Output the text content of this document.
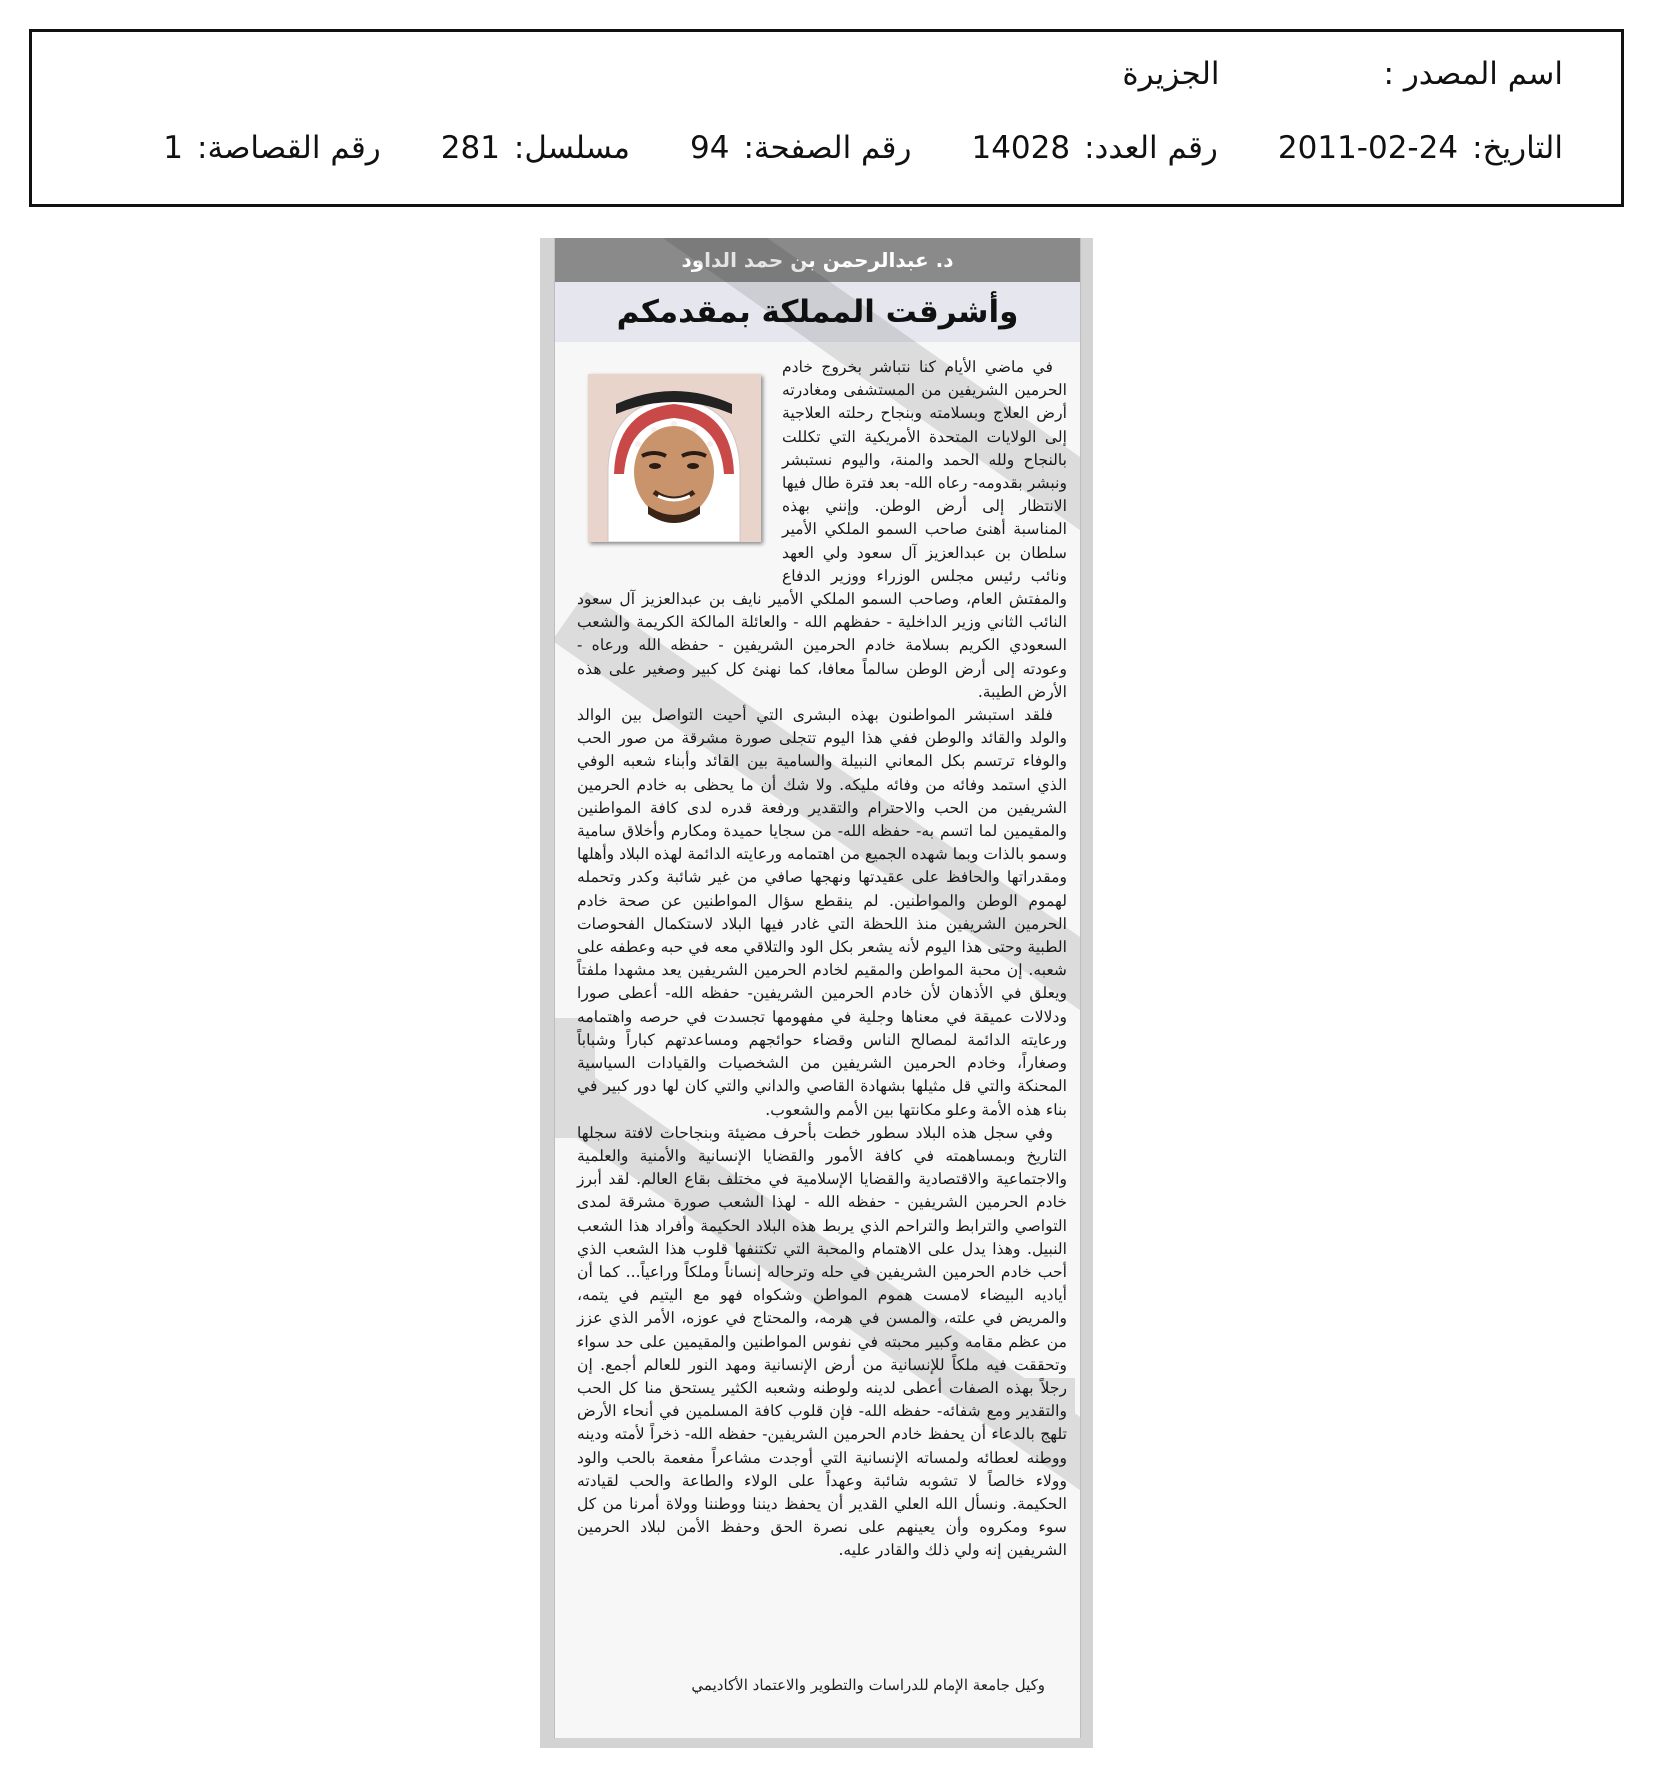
اسم المصدر :الجزيرة
التاريخ:2011-02-24رقم العدد:14028رقم الصفحة:94مسلسل:281رقم القصاصة:1
د. عبدالرحمن بن حمد الداود
وأشرقت المملكة بمقدمكم

في ماضي الأيام كنا نتباشر بخروج خادم الحرمين الشريفين من المستشفى ومغادرته أرض العلاج وبسلامته وبنجاح رحلته العلاجية إلى الولايات المتحدة الأمريكية التي تكللت بالنجاح ولله الحمد والمنة، واليوم نستبشر ونبشر بقدومه- رعاه الله- بعد فترة طال فيها الانتظار إلى أرض الوطن. وإنني بهذه المناسبة أهنئ صاحب السمو الملكي الأمير سلطان بن عبدالعزيز آل سعود ولي العهد ونائب رئيس مجلس الوزراء ووزير الدفاع والمفتش العام، وصاحب السمو الملكي الأمير نايف بن عبدالعزيز آل سعود النائب الثاني وزير الداخلية - حفظهم الله - والعائلة المالكة الكريمة والشعب السعودي الكريم بسلامة خادم الحرمين الشريفين - حفظه الله ورعاه - وعودته إلى أرض الوطن سالماً معافا، كما نهنئ كل كبير وصغير على هذه الأرض الطيبة.

فلقد استبشر المواطنون بهذه البشرى التي أحيت التواصل بين الوالد والولد والقائد والوطن ففي هذا اليوم تتجلى صورة مشرقة من صور الحب والوفاء ترتسم بكل المعاني النبيلة والسامية بين القائد وأبناء شعبه الوفي الذي استمد وفائه من وفائه مليكه. ولا شك أن ما يحظى به خادم الحرمين الشريفين من الحب والاحترام والتقدير ورفعة قدره لدى كافة المواطنين والمقيمين لما اتسم به- حفظه الله- من سجايا حميدة ومكارم وأخلاق سامية وسمو بالذات وبما شهده الجميع من اهتمامه ورعايته الدائمة لهذه البلاد وأهلها ومقدراتها والحافظ على عقيدتها ونهجها صافي من غير شائبة وكدر وتحمله لهموم الوطن والمواطنين. لم ينقطع سؤال المواطنين عن صحة خادم الحرمين الشريفين منذ اللحظة التي غادر فيها البلاد لاستكمال الفحوصات الطبية وحتى هذا اليوم لأنه يشعر بكل الود والتلاقي معه في حبه وعطفه على شعبه. إن محبة المواطن والمقيم لخادم الحرمين الشريفين يعد مشهدا ملفتاً ويعلق في الأذهان لأن خادم الحرمين الشريفين- حفظه الله- أعطى صورا ودلالات عميقة في معناها وجلية في مفهومها تجسدت في حرصه واهتمامه ورعايته الدائمة لمصالح الناس وقضاء حوائجهم ومساعدتهم كباراً وشباباً وصغاراً، وخادم الحرمين الشريفين من الشخصيات والقيادات السياسية المحنكة والتي قل مثيلها بشهادة القاصي والداني والتي كان لها دور كبير في بناء هذه الأمة وعلو مكانتها بين الأمم والشعوب.

وفي سجل هذه البلاد سطور خطت بأحرف مضيئة وبنجاحات لافتة سجلها التاريخ وبمساهمته في كافة الأمور والقضايا الإنسانية والأمنية والعلمية والاجتماعية والاقتصادية والقضايا الإسلامية في مختلف بقاع العالم. لقد أبرز خادم الحرمين الشريفين - حفظه الله - لهذا الشعب صورة مشرقة لمدى التواصي والترابط والتراحم الذي يربط هذه البلاد الحكيمة وأفراد هذا الشعب النبيل. وهذا يدل على الاهتمام والمحبة التي تكتنفها قلوب هذا الشعب الذي أحب خادم الحرمين الشريفين في حله وترحاله إنساناً وملكاً وراعياً... كما أن أياديه البيضاء لامست هموم المواطن وشكواه فهو مع اليتيم في يتمه، والمريض في علته، والمسن في هرمه، والمحتاج في عوزه، الأمر الذي عزز من عظم مقامه وكبير محبته في نفوس المواطنين والمقيمين على حد سواء وتحققت فيه ملكاً للإنسانية من أرض الإنسانية ومهد النور للعالم أجمع. إن رجلاً بهذه الصفات أعطى لدينه ولوطنه وشعبه الكثير يستحق منا كل الحب والتقدير ومع شفائه- حفظه الله- فإن قلوب كافة المسلمين في أنحاء الأرض تلهج بالدعاء أن يحفظ خادم الحرمين الشريفين- حفظه الله- ذخراً لأمته ودينه ووطنه لعطائه ولمساته الإنسانية التي أوجدت مشاعراً مفعمة بالحب والود وولاء خالصاً لا تشوبه شائبة وعهداً على الولاء والطاعة والحب لقيادته الحكيمة. ونسأل الله العلي القدير أن يحفظ ديننا ووطننا وولاة أمرنا من كل سوء ومكروه وأن يعينهم على نصرة الحق وحفظ الأمن لبلاد الحرمين الشريفين إنه ولي ذلك والقادر عليه.

وكيل جامعة الإمام للدراسات والتطوير والاعتماد الأكاديمي
